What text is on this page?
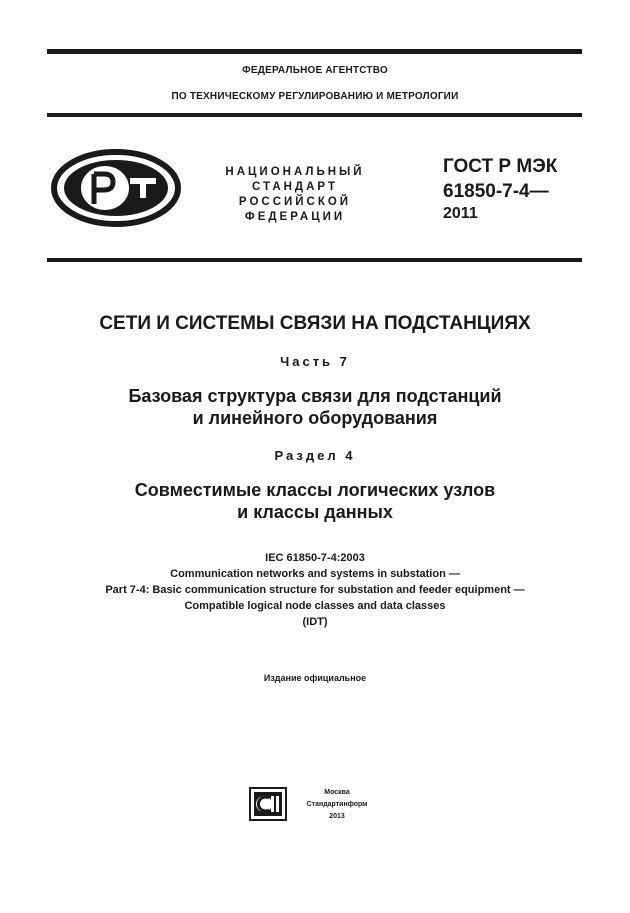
ФЕДЕРАЛЬНОЕ АГЕНТСТВО
ПО ТЕХНИЧЕСКОМУ РЕГУЛИРОВАНИЮ И МЕТРОЛОГИИ
НАЦИОНАЛЬНЫЙ
СТАНДАРТ
РОССИЙСКОЙ
ФЕДЕРАЦИИ
ГОСТ Р МЭК
61850-7-4—
2011
СЕТИ И СИСТЕМЫ СВЯЗИ НА ПОДСТАНЦИЯХ
Часть 7
Базовая структура связи для подстанций
и линейного оборудования
Раздел 4
Совместимые классы логических узлов
и классы данных
IEC 61850-7-4:2003
Communication networks and systems in substation —
Part 7-4: Basic communication structure for substation and feeder equipment —
Compatible logical node classes and data classes
(IDT)
Издание официальное
Москва
Стандартинформ
2013
